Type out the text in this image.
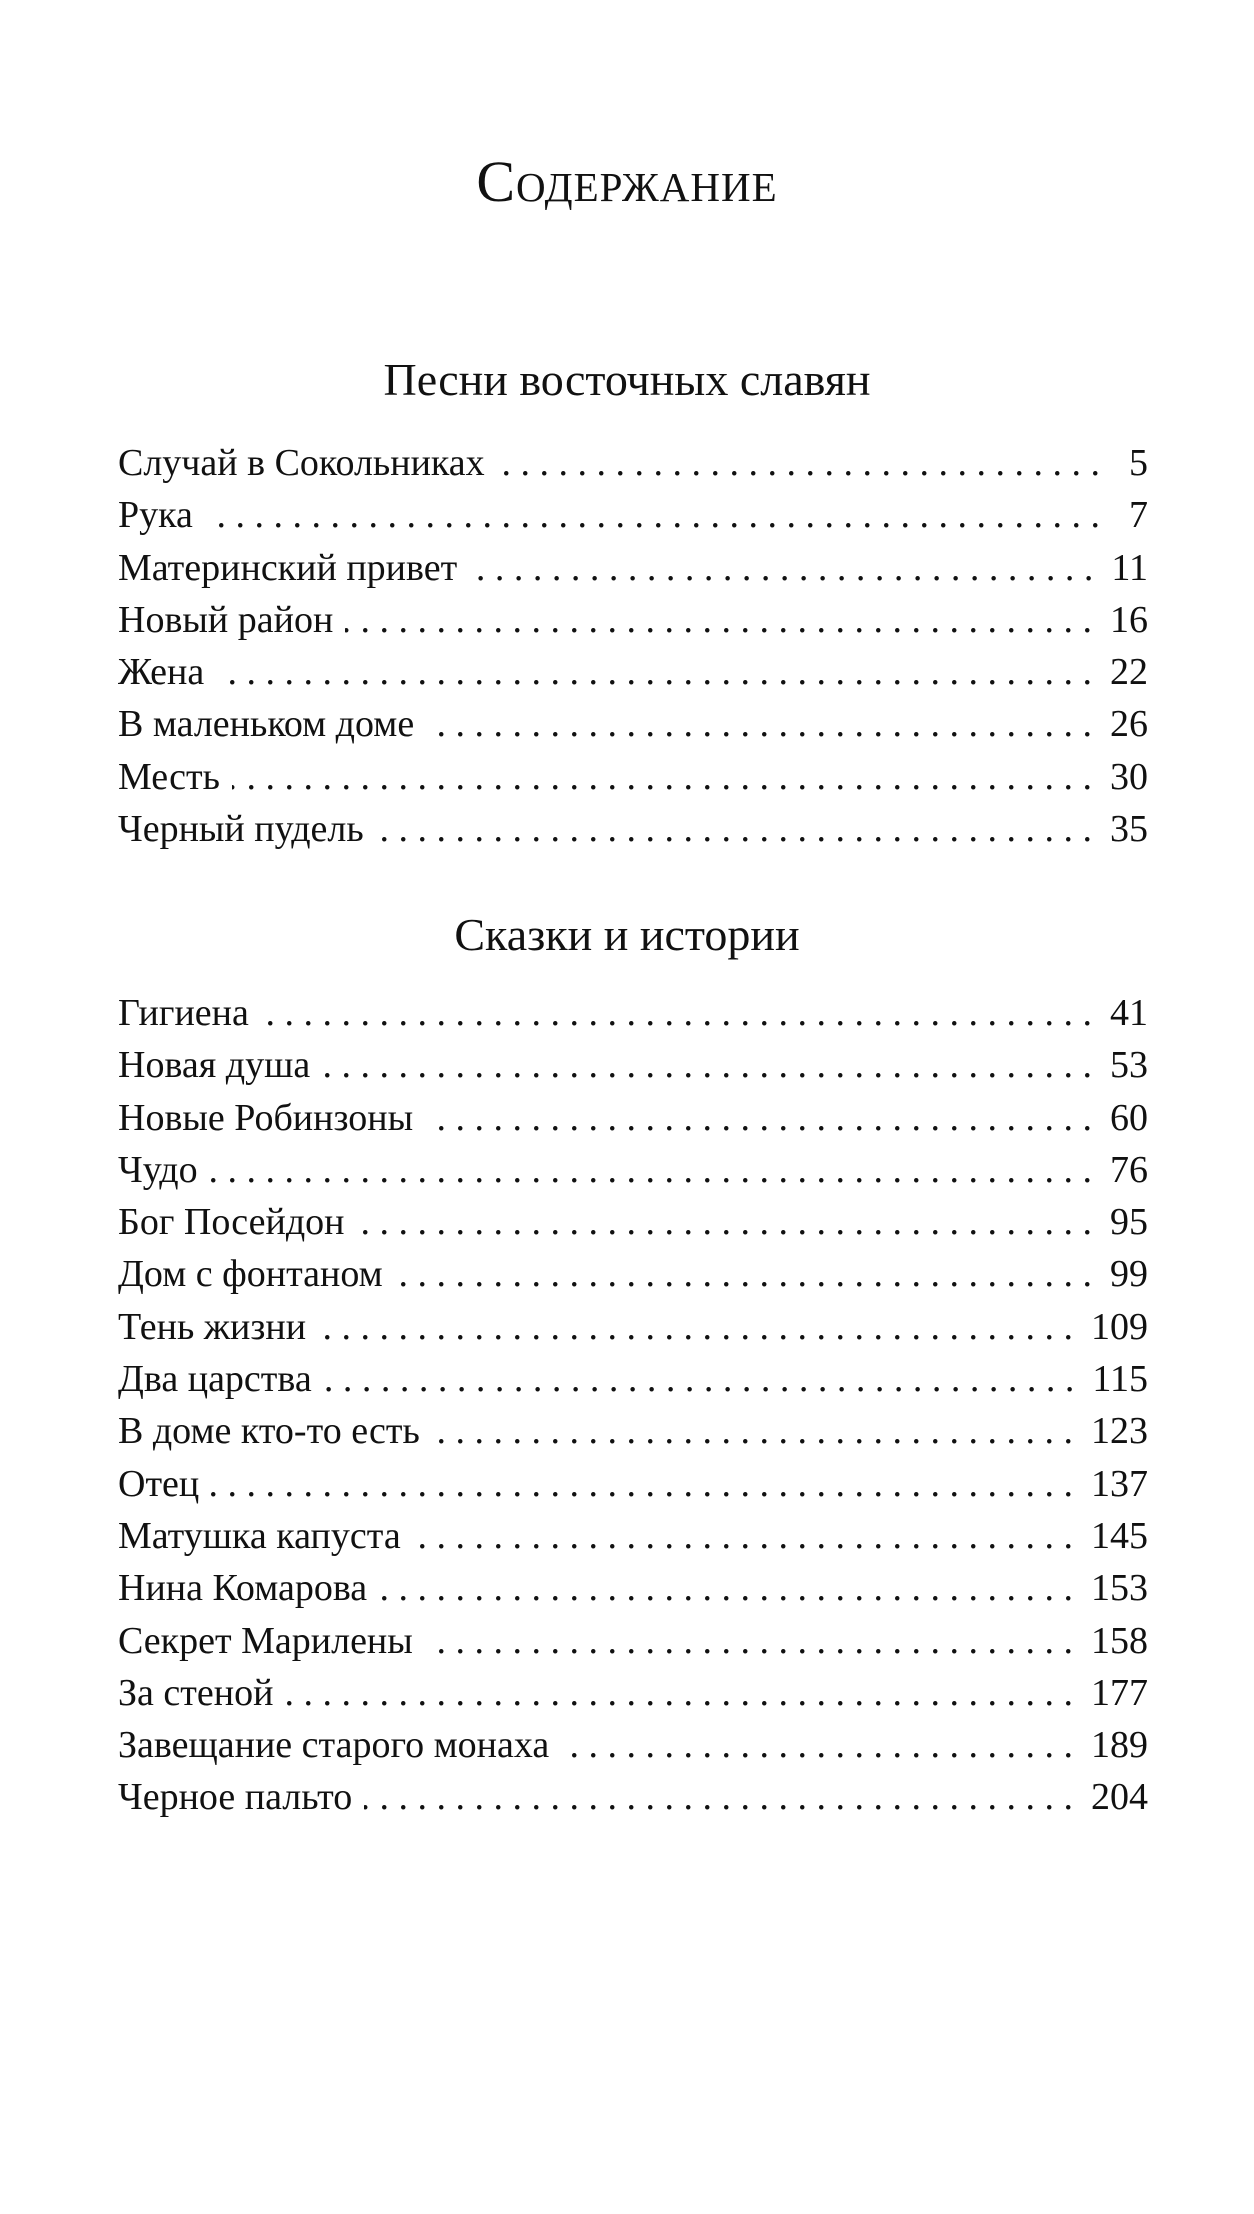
Содержание
Песни восточных славян
Случай в Сокольниках . . .	5
Рука . . .	7
Материнский привет . . .	11
Новый район . . .	16
Жена . . .	22
В маленьком доме . . .	26
Месть . . .	30
Черный пудель . . .	35
Сказки и истории
Гигиена . . .	41
Новая душа . . .	53
Новые Робинзоны . . .	60
Чудо . . .	76
Бог Посейдон . . .	95
Дом с фонтаном . . .	99
Тень жизни . . .	109
Два царства . . .	115
В доме кто-то есть . . .	123
Отец . . .	137
Матушка капуста . . .	145
Нина Комарова . . .	153
Секрет Марилены . . .	158
За стеной . . .	177
Завещание старого монаха . . .	189
Черное пальто . . .	204
